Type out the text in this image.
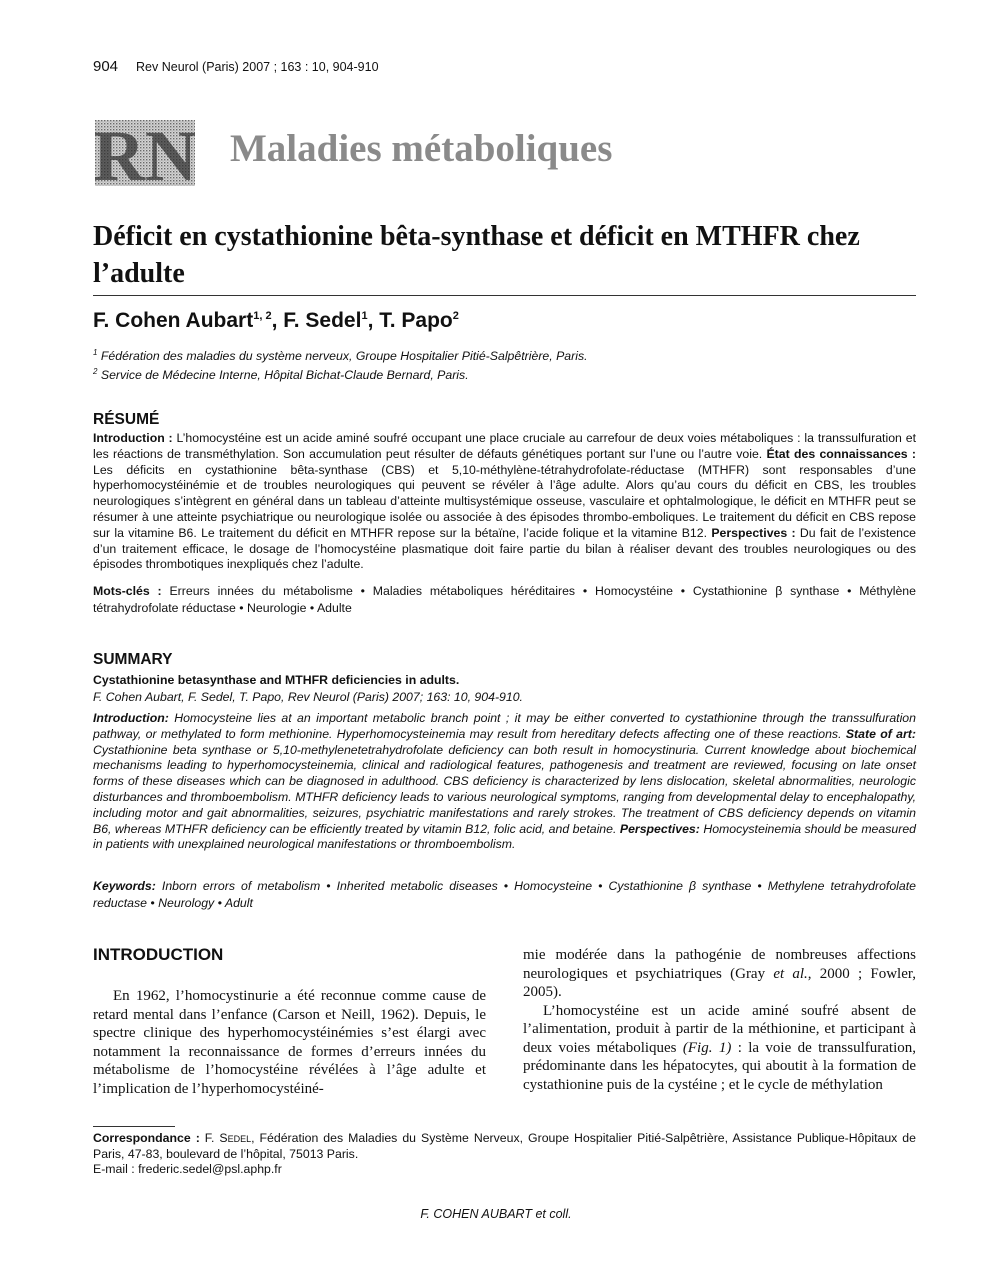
904 Rev Neurol (Paris) 2007 ; 163 : 10, 904-910
RN Maladies métaboliques
Déficit en cystathionine bêta-synthase et déficit en MTHFR chez l’adulte
F. Cohen Aubart$^{1, 2}$, F. Sedel$^1$, T. Papo$^2$
$^1$ Fédération des maladies du système nerveux, Groupe Hospitalier Pitié-Salpêtrière, Paris.
$^2$ Service de Médecine Interne, Hôpital Bichat-Claude Bernard, Paris.
RÉSUMÉ
Introduction : L’homocystéine est un acide aminé soufré occupant une place cruciale au carrefour de deux voies métaboliques : la transsulfuration et les réactions de transméthylation. Son accumulation peut résulter de défauts génétiques portant sur l’une ou l’autre voie. État des connaissances : Les déficits en cystathionine bêta-synthase (CBS) et 5,10-méthylène-tétrahydrofolate-réductase (MTHFR) sont responsables d’une hyperhomocystéinémie et de troubles neurologiques qui peuvent se révéler à l’âge adulte. Alors qu’au cours du déficit en CBS, les troubles neurologiques s’intègrent en général dans un tableau d’atteinte multisystémique osseuse, vasculaire et ophtalmologique, le déficit en MTHFR peut se résumer à une atteinte psychiatrique ou neurologique isolée ou associée à des épisodes thrombo-emboliques. Le traitement du déficit en CBS repose sur la vitamine B6. Le traitement du déficit en MTHFR repose sur la bétaïne, l’acide folique et la vitamine B12. Perspectives : Du fait de l’existence d’un traitement efficace, le dosage de l’homocystéine plasmatique doit faire partie du bilan à réaliser devant des troubles neurologiques ou des épisodes thrombotiques inexpliqués chez l’adulte.
Mots-clés : Erreurs innées du métabolisme • Maladies métaboliques héréditaires • Homocystéine • Cystathionine β synthase • Méthylène tétrahydrofolate réductase • Neurologie • Adulte
SUMMARY
Cystathionine betasynthase and MTHFR deficiencies in adults.
F. Cohen Aubart, F. Sedel, T. Papo, Rev Neurol (Paris) 2007; 163: 10, 904-910.
Introduction: Homocysteine lies at an important metabolic branch point ; it may be either converted to cystathionine through the transsulfuration pathway, or methylated to form methionine. Hyperhomocysteinemia may result from hereditary defects affecting one of these reactions. State of art: Cystathionine beta synthase or 5,10-methylenetetrahydrofolate deficiency can both result in homocystinuria. Current knowledge about biochemical mechanisms leading to hyperhomocysteinemia, clinical and radiological features, pathogenesis and treatment are reviewed, focusing on late onset forms of these diseases which can be diagnosed in adulthood. CBS deficiency is characterized by lens dislocation, skeletal abnormalities, neurologic disturbances and thromboembolism. MTHFR deficiency leads to various neurological symptoms, ranging from developmental delay to encephalopathy, including motor and gait abnormalities, seizures, psychiatric manifestations and rarely strokes. The treatment of CBS deficiency depends on vitamin B6, whereas MTHFR deficiency can be efficiently treated by vitamin B12, folic acid, and betaine. Perspectives: Homocysteinemia should be measured in patients with unexplained neurological manifestations or thromboembolism.
Keywords: Inborn errors of metabolism • Inherited metabolic diseases • Homocysteine • Cystathionine β synthase • Methylene tetrahydrofolate reductase • Neurology • Adult
INTRODUCTION

En 1962, l’homocystinurie a été reconnue comme cause de retard mental dans l’enfance (Carson et Neill, 1962). Depuis, le spectre clinique des hyperhomocystéinémies s’est élargi avec notamment la reconnaissance de formes d’erreurs innées du métabolisme de l’homocystéine révélées à l’âge adulte et l’implication de l’hyperhomocystéiné-

mie modérée dans la pathogénie de nombreuses affections neurologiques et psychiatriques (Gray et al., 2000 ; Fowler, 2005).

L’homocystéine est un acide aminé soufré absent de l’alimentation, produit à partir de la méthionine, et participant à deux voies métaboliques (Fig. 1) : la voie de transsulfuration, prédominante dans les hépatocytes, qui aboutit à la formation de cystathionine puis de la cystéine ; et le cycle de méthylation

Correspondance : F. Sedel, Fédération des Maladies du Système Nerveux, Groupe Hospitalier Pitié-Salpêtrière, Assistance Publique-Hôpitaux de Paris, 47-83, boulevard de l’hôpital, 75013 Paris.
E-mail : frederic.sedel@psl.aphp.fr
F. COHEN AUBART et coll.
